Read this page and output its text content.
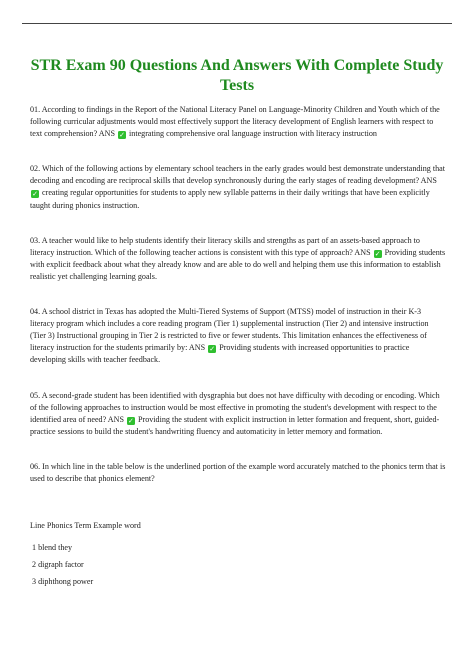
STR Exam 90 Questions And Answers With Complete Study Tests

01. According to findings in the Report of the National Literacy Panel on Language-Minority Children and Youth which of the following curricular adjustments would most effectively support the literacy development of English learners with respect to text comprehension? ANS ✓ integrating comprehensive oral language instruction with literacy instruction

02. Which of the following actions by elementary school teachers in the early grades would best demonstrate understanding that decoding and encoding are reciprocal skills that develop synchronously during the early stages of reading development? ANS ✓ creating regular opportunities for students to apply new syllable patterns in their daily writings that have been explicitly taught during phonics instruction.

03. A teacher would like to help students identify their literacy skills and strengths as part of an assets-based approach to literacy instruction. Which of the following teacher actions is consistent with this type of approach? ANS ✓ Providing students with explicit feedback about what they already know and are able to do well and helping them use this information to establish realistic yet challenging learning goals.

04. A school district in Texas has adopted the Multi-Tiered Systems of Support (MTSS) model of instruction in their K-3 literacy program which includes a core reading program (Tier 1) supplemental instruction (Tier 2) and intensive instruction (Tier 3) Instructional grouping in Tier 2 is restricted to five or fewer students. This limitation enhances the effectiveness of literacy instruction for the students primarily by: ANS ✓ Providing students with increased opportunities to practice developing skills with teacher feedback.

05. A second-grade student has been identified with dysgraphia but does not have difficulty with decoding or encoding. Which of the following approaches to instruction would be most effective in promoting the student's development with respect to the identified area of need? ANS ✓ Providing the student with explicit instruction in letter formation and frequent, short, guided-practice sessions to build the student's handwriting fluency and automaticity in letter memory and formation.

06. In which line in the table below is the underlined portion of the example word accurately matched to the phonics term that is used to describe that phonics element?

Line Phonics Term Example word

1 blend they

2 digraph factor

3 diphthong power
